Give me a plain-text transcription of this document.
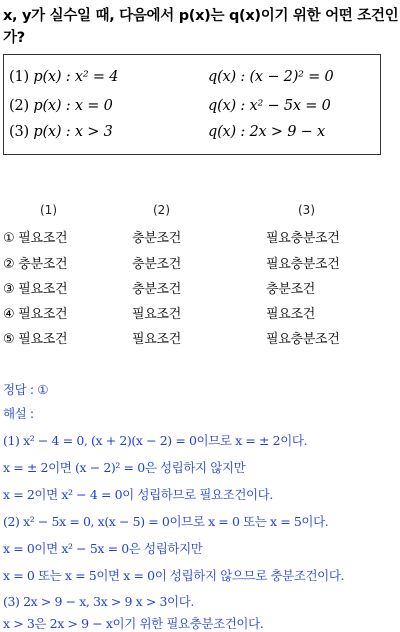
x, y가 실수일 때, 다음에서 p(x)는 q(x)이기 위한 어떤 조건인
가?
(1) p(x) : x² = 4	q(x) : (x − 2)² = 0
(2) p(x) : x = 0	q(x) : x² − 5x = 0
(3) p(x) : x > 3	q(x) : 2x > 9 − x
(1)	(2)	(3)
① 필요조건	충분조건	필요충분조건
② 충분조건	충분조건	필요충분조건
③ 필요조건	충분조건	충분조건
④ 필요조건	필요조건	필요조건
⑤ 필요조건	필요조건	필요충분조건
정답 : ①
해설 :
(1) x² − 4 = 0, (x + 2)(x − 2) = 0이므로 x = ± 2이다.
x = ± 2이면 (x − 2)² = 0은 성립하지 않지만
x = 2이면 x² − 4 = 0이 성립하므로 필요조건이다.
(2) x² − 5x = 0, x(x − 5) = 0이므로 x = 0 또는 x = 5이다.
x = 0이면 x² − 5x = 0은 성립하지만
x = 0 또는 x = 5이면 x = 0이 성립하지 않으므로 충분조건이다.
(3) 2x > 9 − x, 3x > 9 x > 3이다.
x > 3은 2x > 9 − x이기 위한 필요충분조건이다.
